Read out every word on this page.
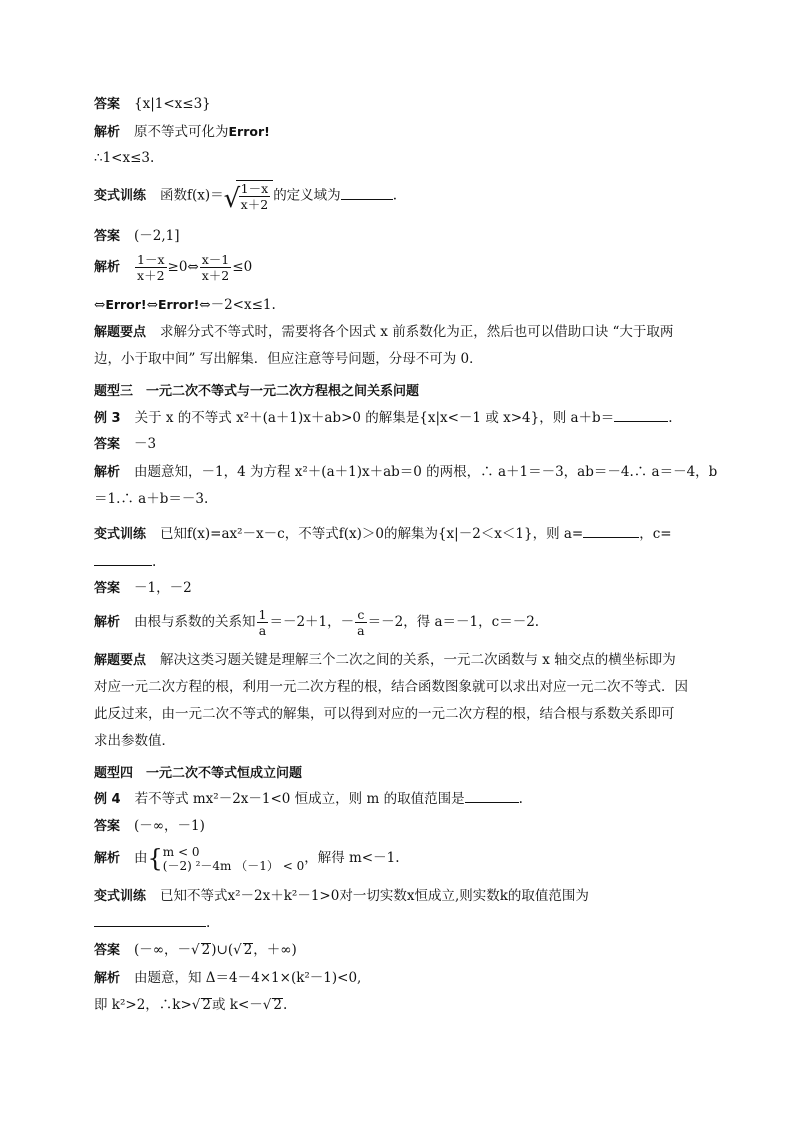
答案 {x|1<x≤3}
解析 原不等式可化为Error!
∴1<x≤3.
变式训练 函数f(x)＝ √
$\frac{1-x}{x+2}$ 的定义域为	.
答案 (－2,1]
解析 $\frac{1-x}{x+2}$ ≥0⇔ $\frac{x-1}{x+2} \le 0$
⇔Error!⇔Error!⇔－2<x≤1.
解题要点 求解分式不等式时，需要将各个因式 x 前系数化为正，然后也可以借助口诀 “大于取两
边，小于取中间” 写出解集．但应注意等号问题，分母不可为 0．
题型三　一元二次不等式与一元二次方程根之间关系问题
例 3 关于 x 的不等式 x²＋(a＋1)x＋ab>0 的解集是{x|x<－1 或 x>4}，则 a＋b＝	.
答案 －3
解析 由题意知，－1，4 为方程 x²＋(a＋1)x＋ab＝0 的两根，∴ a＋1＝－3，ab＝－4.∴ a＝－4，b
＝1.∴ a＋b＝－3.
变式训练 已知f(x)=ax²－x－c，不等式f(x)＞0的解集为{x|－2＜x＜1}，则 a=	，c=
.
答案 －1，－2
解析 由根与系数的关系知 $\frac{1}{a} =-2+1$，－ $\frac{c}{a} =-2$，得 a＝－1，c＝－2.
解题要点 解决这类习题关键是理解三个二次之间的关系，一元二次函数与 x 轴交点的横坐标即为
对应一元二次方程的根，利用一元二次方程的根，结合函数图象就可以求出对应一元二次不等式．因
此反过来，由一元二次不等式的解集，可以得到对应的一元二次方程的根，结合根与系数关系即可
求出参数值．
题型四　一元二次不等式恒成立问题
例 4 若不等式 mx²－2x－1<0 恒成立，则 m 的取值范围是	.
答案 (－∞，－1)
解析 由{ m < 0
(－2) ²－4m （－1） < 0 ，解得 m<－1.
变式训练 已知不等式x²－2x＋k²－1>0对一切实数x恒成立,则实数k的取值范围为
.
答案 (－∞，－√ 2)∪(√ 2，＋∞)
解析 由题意，知 Δ＝4－4×1×(k²－1)<0,
即 k²>2，∴k>√ 2或 k<－√ 2.
